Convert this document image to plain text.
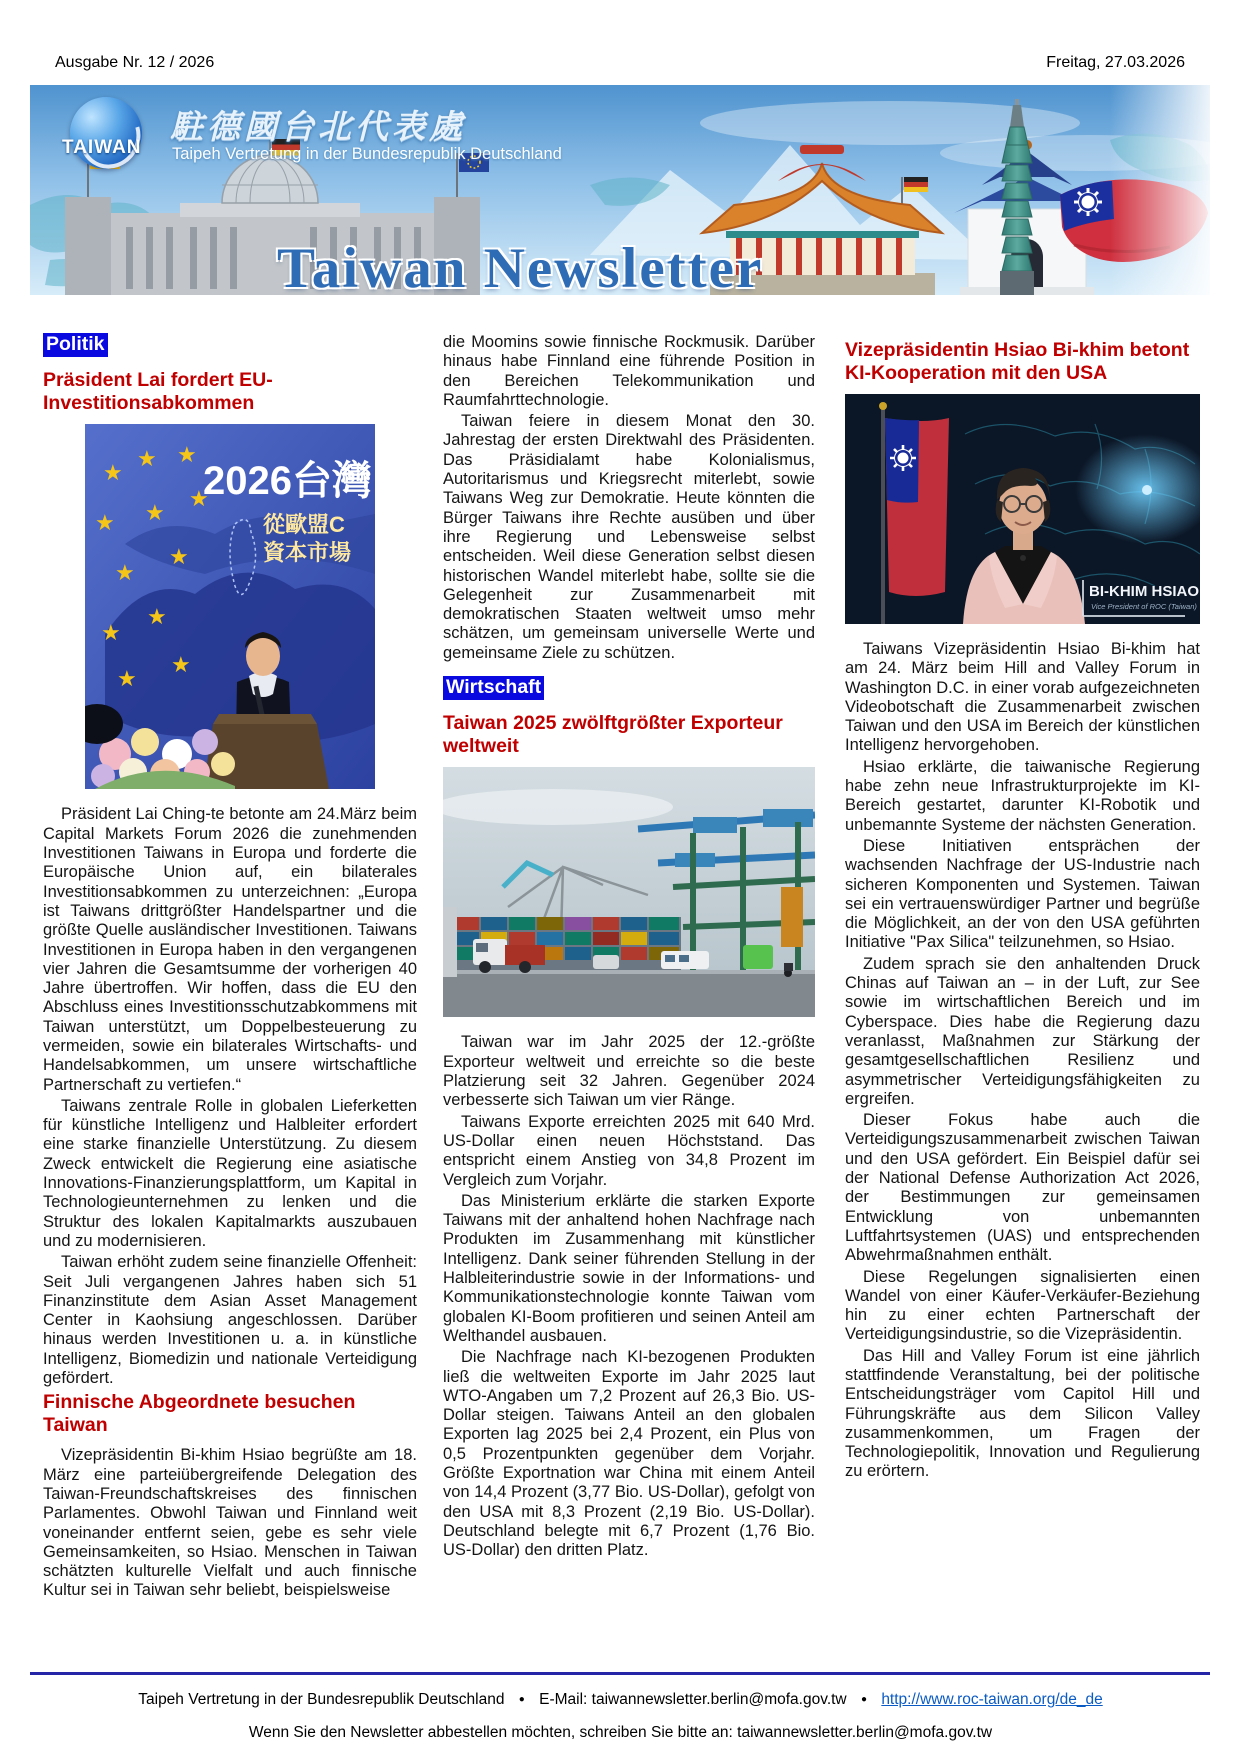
Freitag, 27.03.2026
Ausgabe Nr. 12 / 2026
TAIWAN
駐德國台北代表處
Taipeh Vertretung in der Bundesrepublik Deutschland
Taiwan Newsletter
Politik

Präsident Lai fordert EU-Investitionsabkommen
★
★ ★
★ ★
★
★
★
★
★
★
★
2026台灣
從歐盟C
資本市場

Präsident Lai Ching-te betonte am 24.März beim Capital Markets Forum 2026 die zunehmenden Investitionen Taiwans in Europa und forderte die Europäische Union auf, ein bilaterales Investitionsabkommen zu unterzeichnen: „Europa ist Taiwans drittgrößter Handelspartner und die größte Quelle ausländischer Investitionen. Taiwans Investitionen in Europa haben in den vergangenen vier Jahren die Gesamtsumme der vorherigen 40 Jahre übertroffen. Wir hoffen, dass die EU den Abschluss eines Investitionsschutzabkommens mit Taiwan unterstützt, um Doppelbesteuerung zu vermeiden, sowie ein bilaterales Wirtschafts- und Handelsabkommen, um unsere wirtschaftliche Partnerschaft zu vertiefen.“

Taiwans zentrale Rolle in globalen Lieferketten für künstliche Intelligenz und Halbleiter erfordert eine starke finanzielle Unterstützung. Zu diesem Zweck entwickelt die Regierung eine asiatische Innovations-Finanzierungsplattform, um Kapital in Technologieunternehmen zu lenken und die Struktur des lokalen Kapitalmarkts auszubauen und zu modernisieren.

Taiwan erhöht zudem seine finanzielle Offenheit: Seit Juli vergangenen Jahres haben sich 51 Finanzinstitute dem Asian Asset Management Center in Kaohsiung angeschlossen. Darüber hinaus werden Investitionen u. a. in künstliche Intelligenz, Biomedizin und nationale Verteidigung gefördert.

Finnische Abgeordnete besuchen Taiwan

Vizepräsidentin Bi-khim Hsiao begrüßte am 18. März eine parteiübergreifende Delegation des Taiwan-Freundschaftskreises des finnischen Parlamentes. Obwohl Taiwan und Finnland weit voneinander entfernt seien, gebe es sehr viele Gemeinsamkeiten, so Hsiao. Menschen in Taiwan schätzten kulturelle Vielfalt und auch finnische Kultur sei in Taiwan sehr beliebt, beispielsweise

die Moomins sowie finnische Rockmusik. Darüber hinaus habe Finnland eine führende Position in den Bereichen Telekommunikation und Raumfahrttechnologie.

Taiwan feiere in diesem Monat den 30. Jahrestag der ersten Direktwahl des Präsidenten. Das Präsidialamt habe Kolonialismus, Autoritarismus und Kriegsrecht miterlebt, sowie Taiwans Weg zur Demokratie. Heute könnten die Bürger Taiwans ihre Rechte ausüben und über ihre Regierung und Lebensweise selbst entscheiden. Weil diese Generation selbst diesen historischen Wandel miterlebt habe, sollte sie die Gelegenheit zur Zusammenarbeit mit demokratischen Staaten weltweit umso mehr schätzen, um gemeinsam universelle Werte und gemeinsame Ziele zu schützen.

Wirtschaft

Taiwan 2025 zwölftgrößter Exporteur weltweit

Taiwan war im Jahr 2025 der 12.-größte Exporteur weltweit und erreichte so die beste Platzierung seit 32 Jahren. Gegenüber 2024 verbesserte sich Taiwan um vier Ränge.

Taiwans Exporte erreichten 2025 mit 640 Mrd. US-Dollar einen neuen Höchststand. Das entspricht einem Anstieg von 34,8 Prozent im Vergleich zum Vorjahr.

Das Ministerium erklärte die starken Exporte Taiwans mit der anhaltend hohen Nachfrage nach Produkten im Zusammenhang mit künstlicher Intelligenz. Dank seiner führenden Stellung in der Halbleiterindustrie sowie in der Informations- und Kommunikationstechnologie konnte Taiwan vom globalen KI-Boom profitieren und seinen Anteil am Welthandel ausbauen.

Die Nachfrage nach KI-bezogenen Produkten ließ die weltweiten Exporte im Jahr 2025 laut WTO-Angaben um 7,2 Prozent auf 26,3 Bio. US-Dollar steigen. Taiwans Anteil an den globalen Exporten lag 2025 bei 2,4 Prozent, ein Plus von 0,5 Prozentpunkten gegenüber dem Vorjahr. Größte Exportnation war China mit einem Anteil von 14,4 Prozent (3,77 Bio. US-Dollar), gefolgt von den USA mit 8,3 Prozent (2,19 Bio. US-Dollar). Deutschland belegte mit 6,7 Prozent (1,76 Bio. US-Dollar) den dritten Platz.

Vizepräsidentin Hsiao Bi-khim betont KI-Kooperation mit den USA
BI-KHIM HSIAO
Vice President of ROC (Taiwan)

Taiwans Vizepräsidentin Hsiao Bi-khim hat am 24. März beim Hill and Valley Forum in Washington D.C. in einer vorab aufgezeichneten Videobotschaft die Zusammenarbeit zwischen Taiwan und den USA im Bereich der künstlichen Intelligenz hervorgehoben.

Hsiao erklärte, die taiwanische Regierung habe zehn neue Infrastrukturprojekte im KI-Bereich gestartet, darunter KI-Robotik und unbemannte Systeme der nächsten Generation.

Diese Initiativen entsprächen der wachsenden Nachfrage der US-Industrie nach sicheren Komponenten und Systemen. Taiwan sei ein vertrauenswürdiger Partner und begrüße die Möglichkeit, an der von den USA geführten Initiative "Pax Silica" teilzunehmen, so Hsiao.

Zudem sprach sie den anhaltenden Druck Chinas auf Taiwan an – in der Luft, zur See sowie im wirtschaftlichen Bereich und im Cyberspace. Dies habe die Regierung dazu veranlasst, Maßnahmen zur Stärkung der gesamtgesellschaftlichen Resilienz und asymmetrischer Verteidigungsfähigkeiten zu ergreifen.

Dieser Fokus habe auch die Verteidigungszusammenarbeit zwischen Taiwan und den USA gefördert. Ein Beispiel dafür sei der National Defense Authorization Act 2026, der Bestimmungen zur gemeinsamen Entwicklung von unbemannten Luftfahrtsystemen (UAS) und entsprechenden Abwehrmaßnahmen enthält.

Diese Regelungen signalisierten einen Wandel von einer Käufer-Verkäufer-Beziehung hin zu einer echten Partnerschaft der Verteidigungsindustrie, so die Vizepräsidentin.

Das Hill and Valley Forum ist eine jährlich stattfindende Veranstaltung, bei der politische Entscheidungsträger vom Capitol Hill und Führungskräfte aus dem Silicon Valley zusammenkommen, um Fragen der Technologiepolitik, Innovation und Regulierung zu erörtern.

Taipeh Vertretung in der Bundesrepublik Deutschland ● E-Mail: taiwannewsletter.berlin@mofa.gov.tw ● http://www.roc-taiwan.org/de_de
Wenn Sie den Newsletter abbestellen möchten, schreiben Sie bitte an: taiwannewsletter.berlin@mofa.gov.tw
